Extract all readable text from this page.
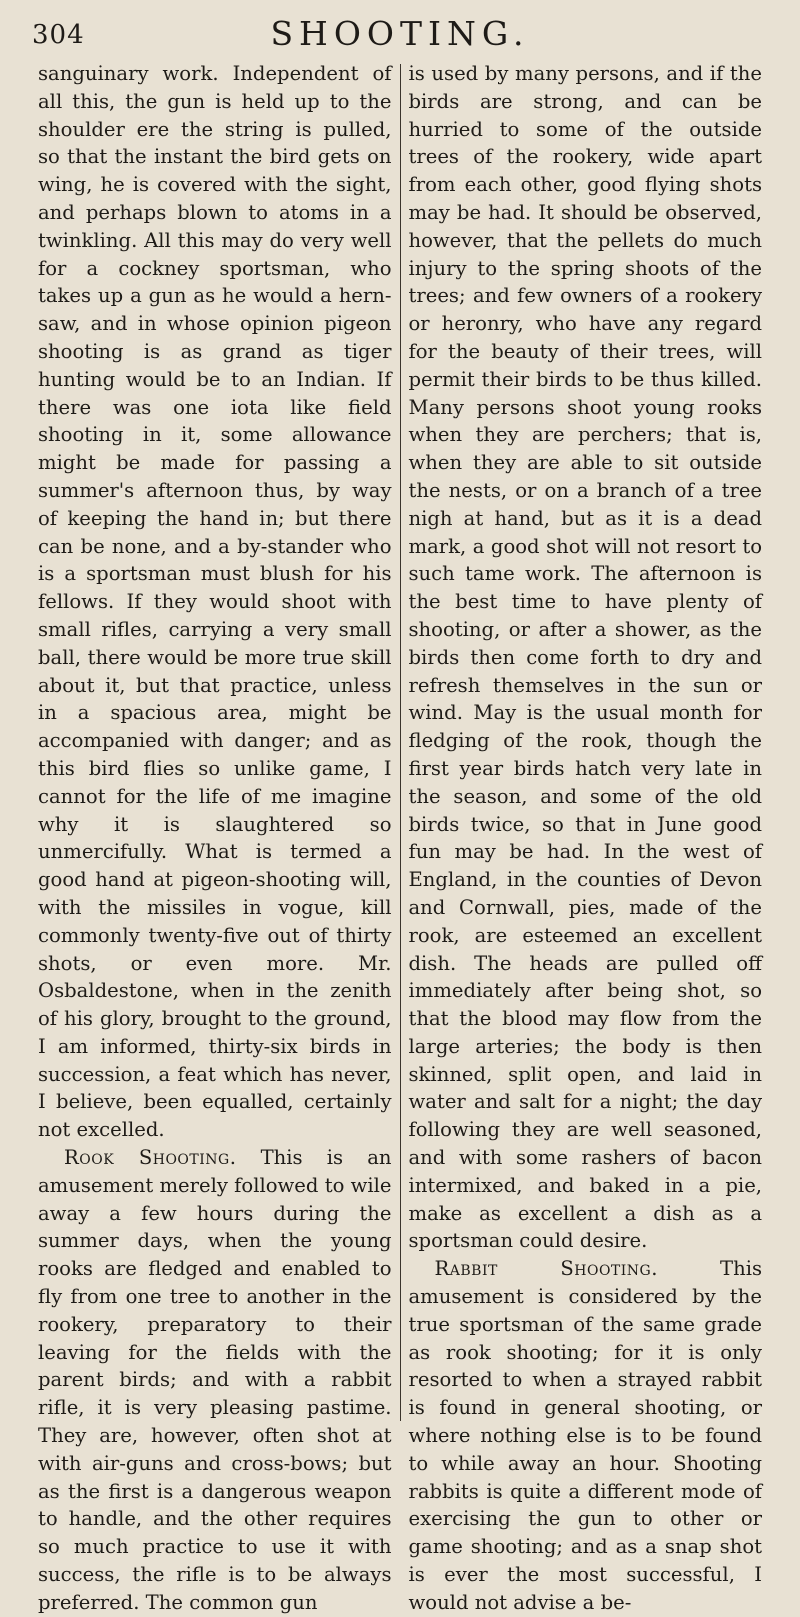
304	SHOOTING.

sanguinary work. Independent of all this, the gun is held up to the shoulder ere the string is pulled, so that the instant the bird gets on wing, he is covered with the sight, and perhaps blown to atoms in a twinkling. All this may do very well for a cockney sportsman, who takes up a gun as he would a hern-saw, and in whose opinion pigeon shooting is as grand as tiger hunting would be to an Indian. If there was one iota like field shooting in it, some allowance might be made for passing a summer's afternoon thus, by way of keeping the hand in; but there can be none, and a by-stander who is a sportsman must blush for his fellows. If they would shoot with small rifles, carrying a very small ball, there would be more true skill about it, but that practice, unless in a spacious area, might be accompanied with danger; and as this bird flies so unlike game, I cannot for the life of me imagine why it is slaughtered so unmercifully. What is termed a good hand at pigeon-shooting will, with the missiles in vogue, kill commonly twenty-five out of thirty shots, or even more. Mr. Osbaldestone, when in the zenith of his glory, brought to the ground, I am informed, thirty-six birds in succession, a feat which has never, I believe, been equalled, certainly not excelled.

Rook Shooting. This is an amusement merely followed to wile away a few hours during the summer days, when the young rooks are fledged and enabled to fly from one tree to another in the rookery, preparatory to their leaving for the fields with the parent birds; and with a rabbit rifle, it is very pleasing pastime. They are, however, often shot at with air-guns and cross-bows; but as the first is a dangerous weapon to handle, and the other requires so much practice to use it with success, the rifle is to be always preferred. The common gun

is used by many persons, and if the birds are strong, and can be hurried to some of the outside trees of the rookery, wide apart from each other, good flying shots may be had. It should be observed, however, that the pellets do much injury to the spring shoots of the trees; and few owners of a rookery or heronry, who have any regard for the beauty of their trees, will permit their birds to be thus killed. Many persons shoot young rooks when they are perchers; that is, when they are able to sit outside the nests, or on a branch of a tree nigh at hand, but as it is a dead mark, a good shot will not resort to such tame work. The afternoon is the best time to have plenty of shooting, or after a shower, as the birds then come forth to dry and refresh themselves in the sun or wind. May is the usual month for fledging of the rook, though the first year birds hatch very late in the season, and some of the old birds twice, so that in June good fun may be had. In the west of England, in the counties of Devon and Cornwall, pies, made of the rook, are esteemed an excellent dish. The heads are pulled off immediately after being shot, so that the blood may flow from the large arteries; the body is then skinned, split open, and laid in water and salt for a night; the day following they are well seasoned, and with some rashers of bacon intermixed, and baked in a pie, make as excellent a dish as a sportsman could desire.

Rabbit Shooting.	This amusement is considered by the true sportsman of the same grade as rook shooting; for it is only resorted to when a strayed rabbit is found in general shooting, or where nothing else is to be found to while away an hour. Shooting rabbits is quite a different mode of exercising the gun to other or game shooting; and as a snap shot is ever the most successful, I would not advise a be-
